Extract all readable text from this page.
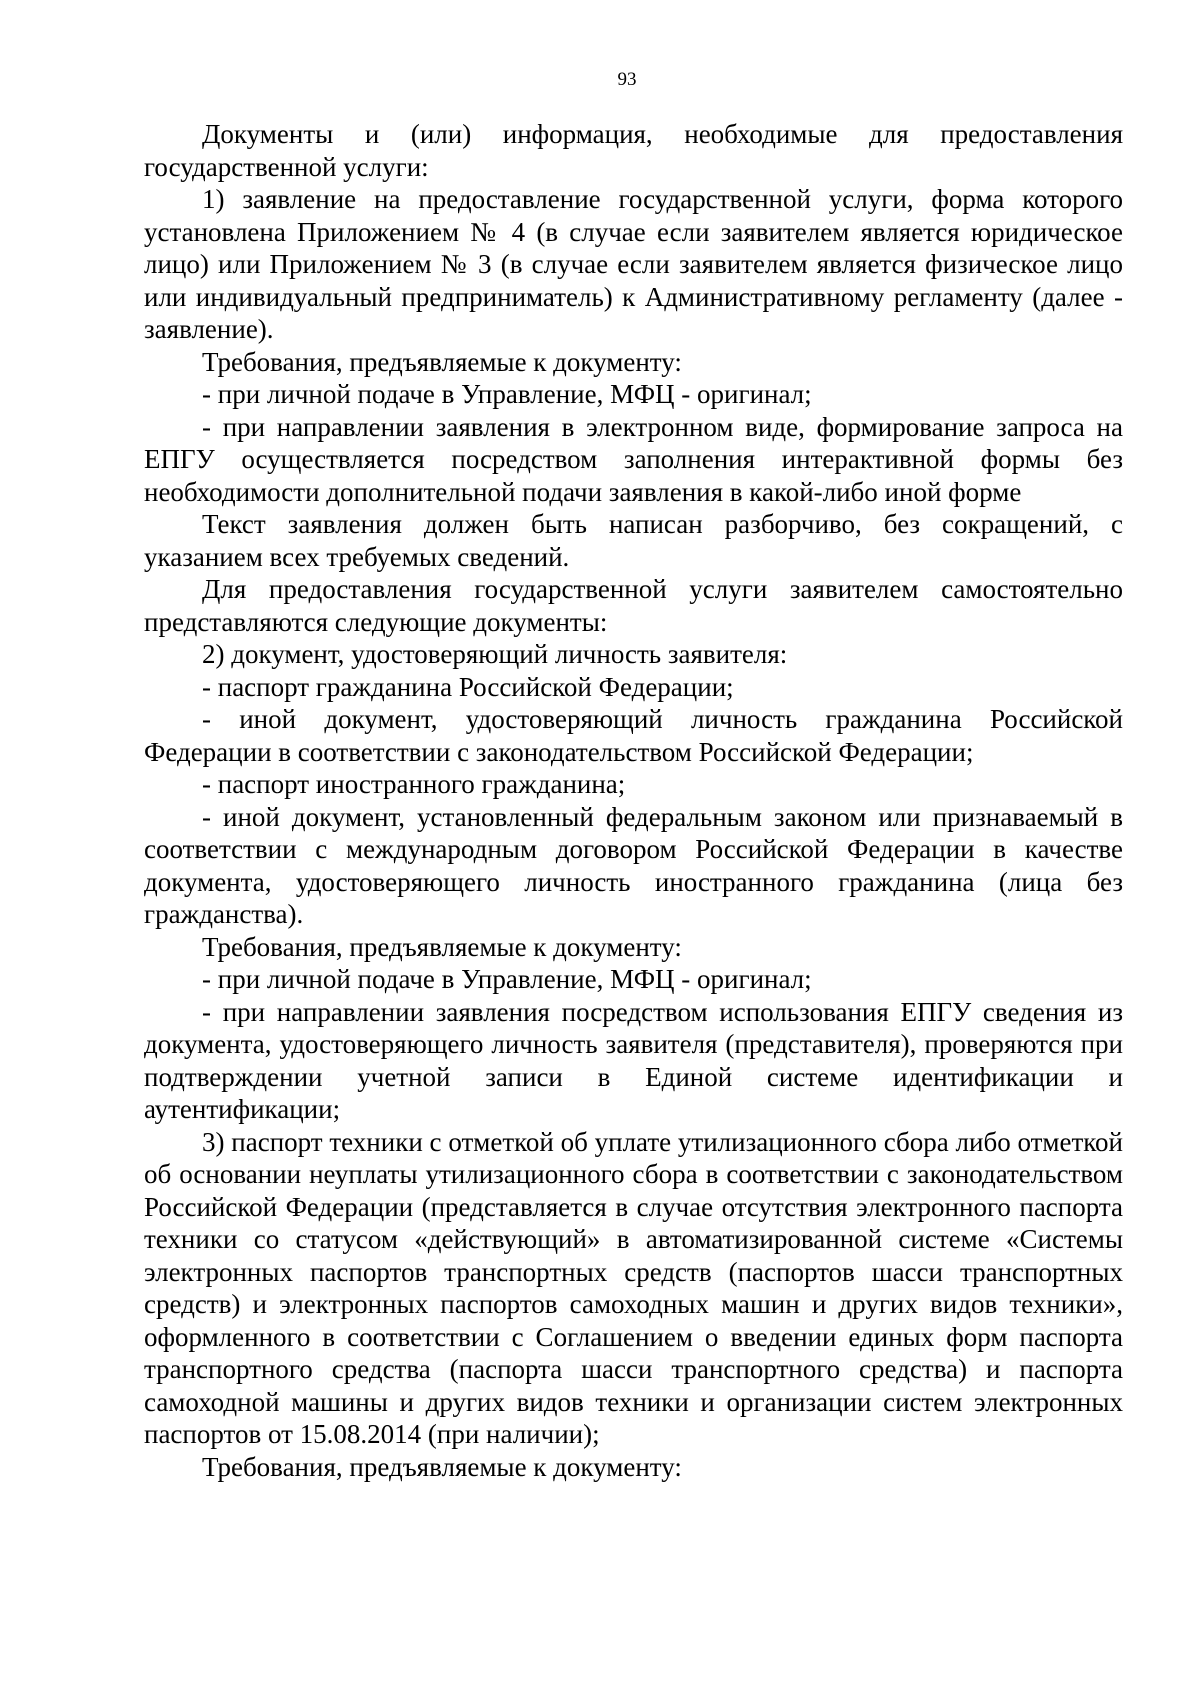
93

Документы и (или) информация, необходимые для предоставления государственной услуги:

1) заявление на предоставление государственной услуги, форма которого установлена Приложением № 4 (в случае если заявителем является юридическое лицо) или Приложением № 3 (в случае если заявителем является физическое лицо или индивидуальный предприниматель) к Административному регламенту (далее - заявление).

Требования, предъявляемые к документу:

- при личной подаче в Управление, МФЦ - оригинал;

- при направлении заявления в электронном виде, формирование запроса на ЕПГУ осуществляется посредством заполнения интерактивной формы без необходимости дополнительной подачи заявления в какой-либо иной форме

Текст заявления должен быть написан разборчиво, без сокращений, с указанием всех требуемых сведений.

Для предоставления государственной услуги заявителем самостоятельно представляются следующие документы:

2) документ, удостоверяющий личность заявителя:

- паспорт гражданина Российской Федерации;

- иной документ, удостоверяющий личность гражданина Российской Федерации в соответствии с законодательством Российской Федерации;

- паспорт иностранного гражданина;

- иной документ, установленный федеральным законом или признаваемый в соответствии с международным договором Российской Федерации в качестве документа, удостоверяющего личность иностранного гражданина (лица без гражданства).

Требования, предъявляемые к документу:

- при личной подаче в Управление, МФЦ - оригинал;

- при направлении заявления посредством использования ЕПГУ сведения из документа, удостоверяющего личность заявителя (представителя), проверяются при подтверждении учетной записи в Единой системе идентификации и аутентификации;

3) паспорт техники с отметкой об уплате утилизационного сбора либо отметкой об основании неуплаты утилизационного сбора в соответствии с законодательством Российской Федерации (представляется в случае отсутствия электронного паспорта техники со статусом «действующий» в автоматизированной системе «Системы электронных паспортов транспортных средств (паспортов шасси транспортных средств) и электронных паспортов самоходных машин и других видов техники», оформленного в соответствии с Соглашением о введении единых форм паспорта транспортного средства (паспорта шасси транспортного средства) и паспорта самоходной машины и других видов техники и организации систем электронных паспортов от 15.08.2014 (при наличии);

Требования, предъявляемые к документу:
